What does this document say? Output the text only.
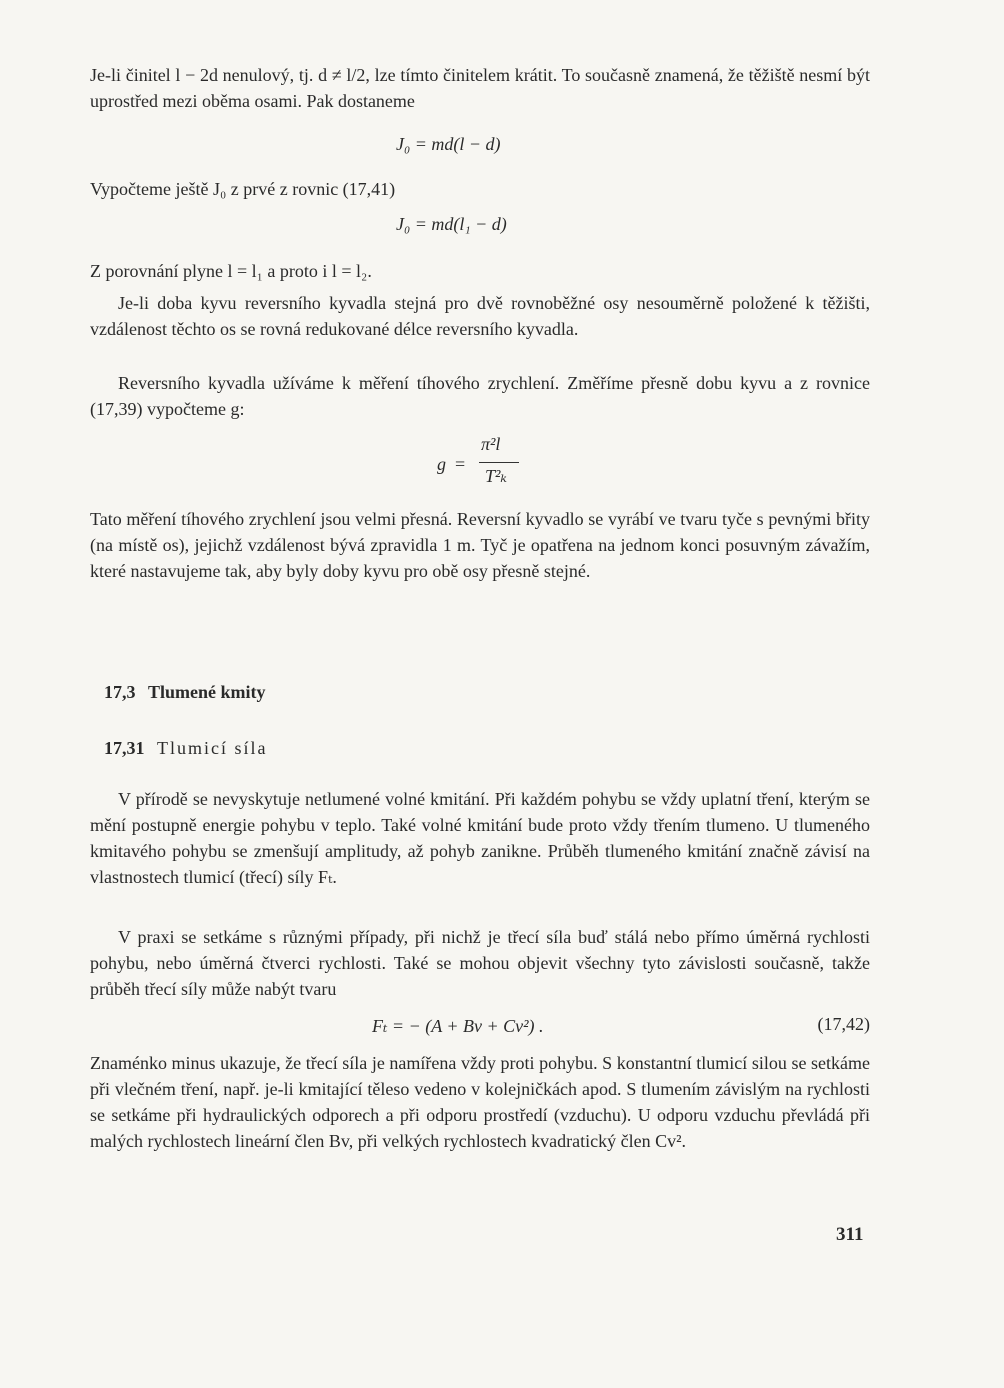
Je-li činitel l − 2d nenulový, tj. d ≠ l/2, lze tímto činitelem krátit. To současně znamená, že těžiště nesmí být uprostřed mezi oběma osami. Pak dostaneme

J₀ = md(l − d)

Vypočteme ještě J₀ z prvé z rovnic (17,41)

J₀ = md(l₁ − d)

Z porovnání plyne l = l₁ a proto i l = l₂.

Je-li doba kyvu reversního kyvadla stejná pro dvě rovnoběžné osy nesouměrně položené k těžišti, vzdálenost těchto os se rovná redukované délce reversního kyvadla.

Reversního kyvadla užíváme k měření tíhového zrychlení. Změříme přesně dobu kyvu a z rovnice (17,39) vypočteme g:

g =
π²l
T²ₖ

Tato měření tíhového zrychlení jsou velmi přesná. Reversní kyvadlo se vyrábí ve tvaru tyče s pevnými břity (na místě os), jejichž vzdálenost bývá zpravidla 1 m. Tyč je opatřena na jednom konci posuvným závažím, které nastavujeme tak, aby byly doby kyvu pro obě osy přesně stejné.

17,3 Tlumené kmity
17,31 Tlumicí síla

V přírodě se nevyskytuje netlumené volné kmitání. Při každém pohybu se vždy uplatní tření, kterým se mění postupně energie pohybu v teplo. Také volné kmitání bude proto vždy třením tlumeno. U tlumeného kmitavého pohybu se zmenšují amplitudy, až pohyb zanikne. Průběh tlumeného kmitání značně závisí na vlastnostech tlumicí (třecí) síly Fₜ.

V praxi se setkáme s různými případy, při nichž je třecí síla buď stálá nebo přímo úměrná rychlosti pohybu, nebo úměrná čtverci rychlosti. Také se mohou objevit všechny tyto závislosti současně, takže průběh třecí síly může nabýt tvaru

Fₜ = − (A + Bv + Cv²) .	(17,42)

Znaménko minus ukazuje, že třecí síla je namířena vždy proti pohybu. S konstantní tlumicí silou se setkáme při vlečném tření, např. je-li kmitající těleso vedeno v kolejničkách apod. S tlumením závislým na rychlosti se setkáme při hydraulických odporech a při odporu prostředí (vzduchu). U odporu vzduchu převládá při malých rychlostech lineární člen Bv, při velkých rychlostech kvadratický člen Cv².

311
